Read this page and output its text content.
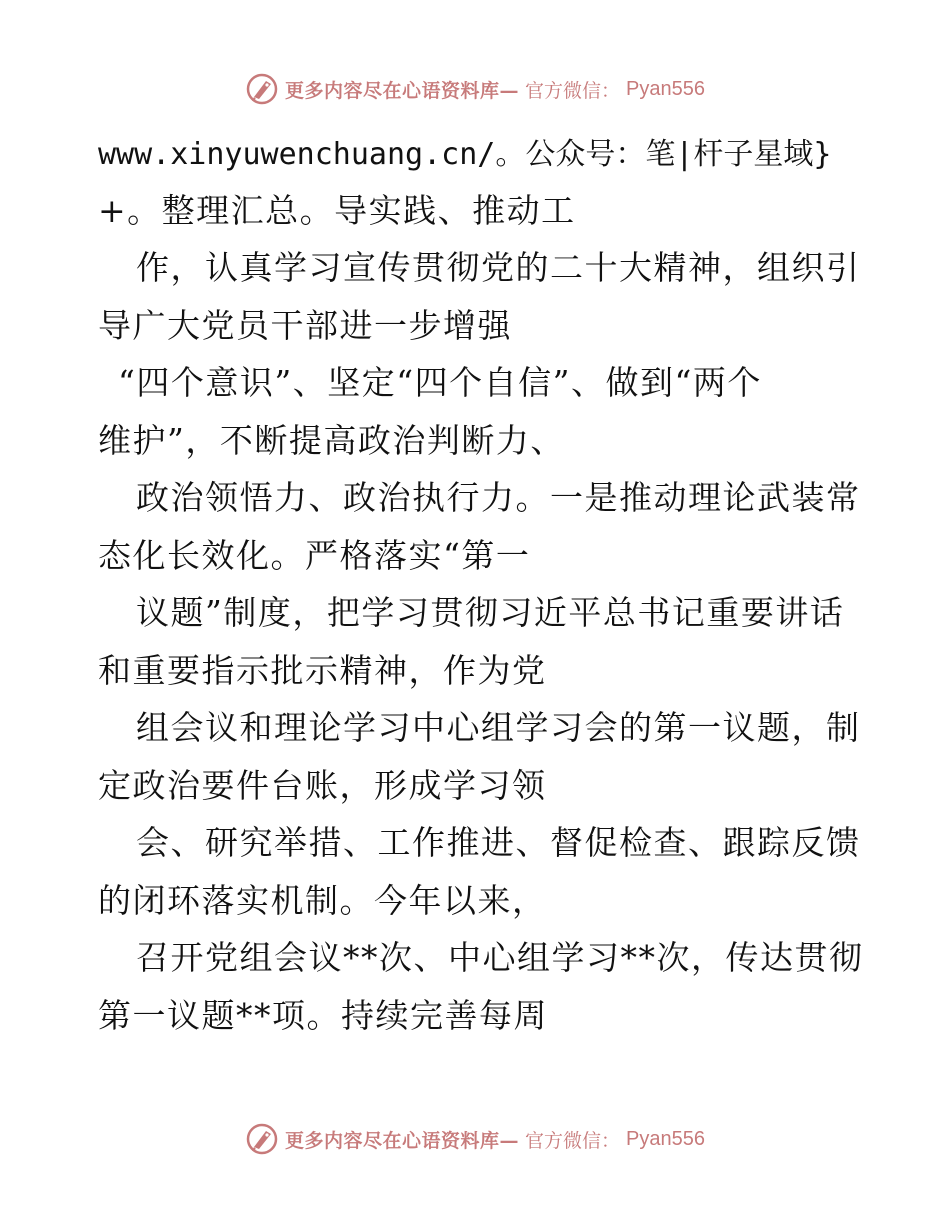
更多内容尽在心语资料库— 官方微信： Pyan556
www.xinyuwenchuang.cn/。公众号：笔|杆子星域}
+。整理汇总。导实践、推动工
作，认真学习宣传贯彻党的二十大精神，组织引
导广大党员干部进一步增强
“四个意识”、坚定“四个自信”、做到“两个
维护”，不断提高政治判断力、
政治领悟力、政治执行力。一是推动理论武装常
态化长效化。严格落实“第一
议题”制度，把学习贯彻习近平总书记重要讲话
和重要指示批示精神，作为党
组会议和理论学习中心组学习会的第一议题，制
定政治要件台账，形成学习领
会、研究举措、工作推进、督促检查、跟踪反馈
的闭环落实机制。今年以来，
召开党组会议**次、中心组学习**次，传达贯彻
第一议题**项。持续完善每周
更多内容尽在心语资料库— 官方微信： Pyan556
